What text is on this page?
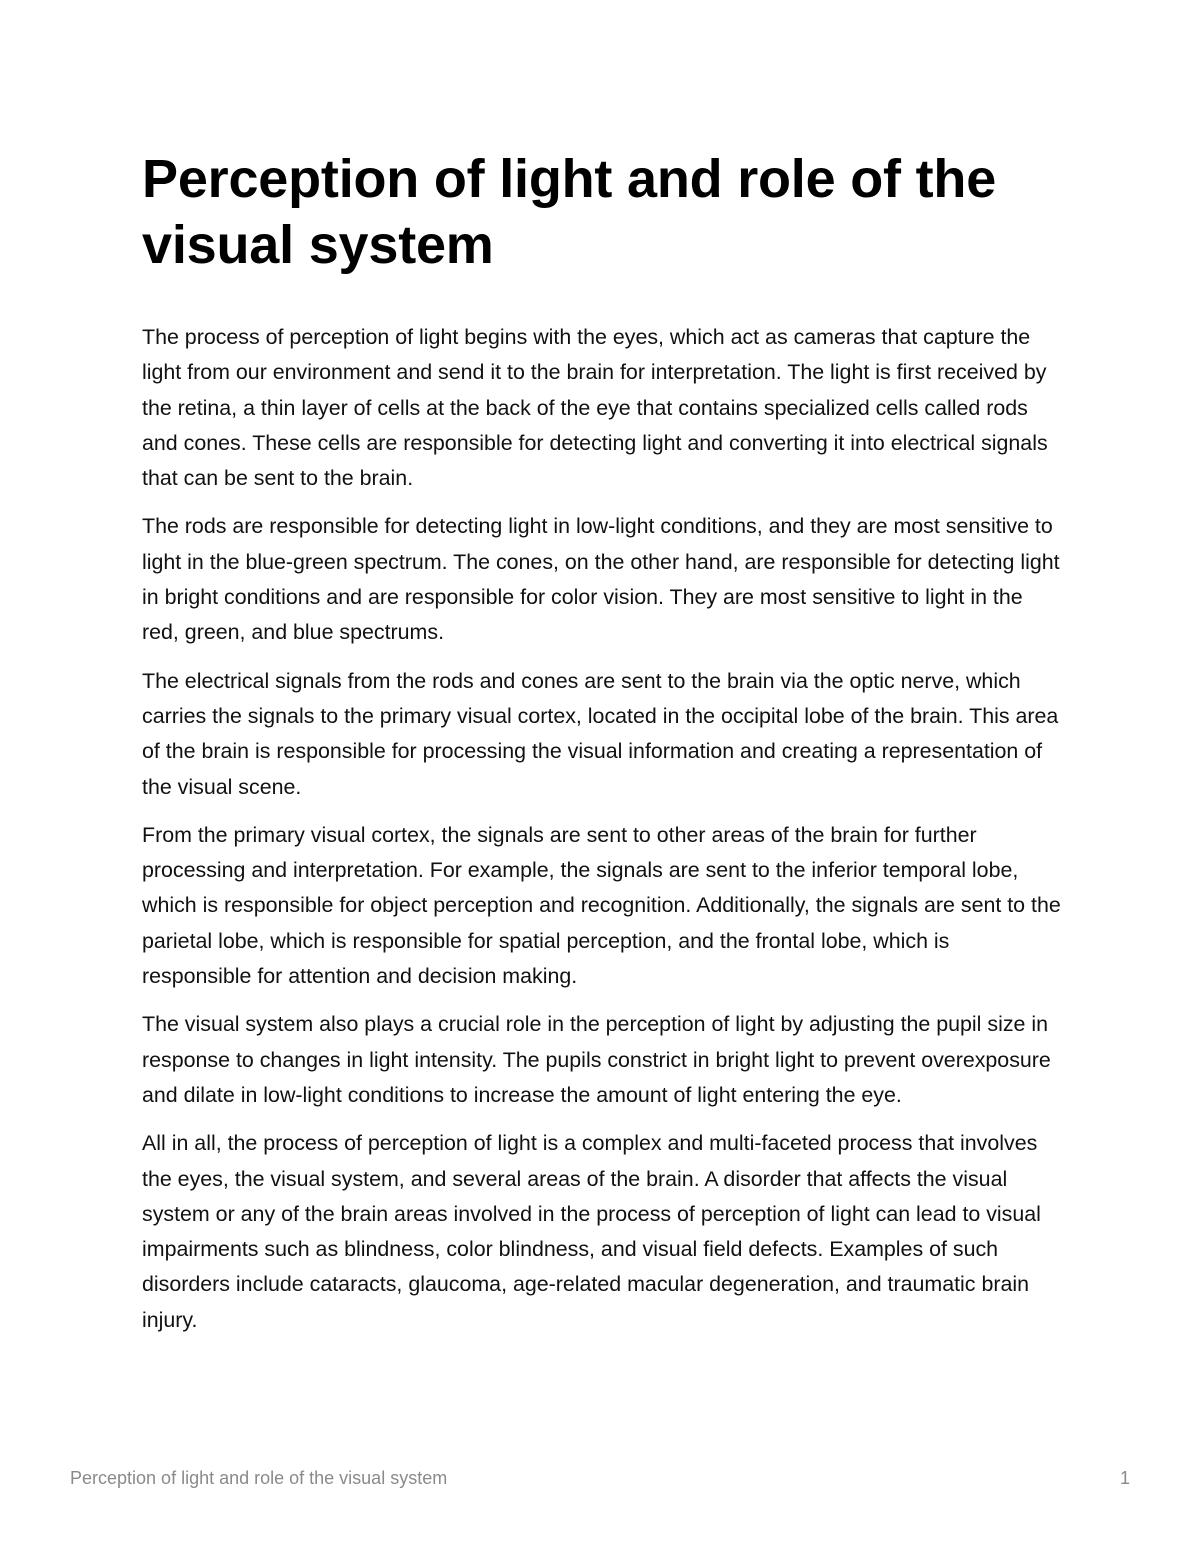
Perception of light and role of the visual system

The process of perception of light begins with the eyes, which act as cameras that capture the light from our environment and send it to the brain for interpretation. The light is first received by the retina, a thin layer of cells at the back of the eye that contains specialized cells called rods and cones. These cells are responsible for detecting light and converting it into electrical signals that can be sent to the brain.

The rods are responsible for detecting light in low-light conditions, and they are most sensitive to light in the blue-green spectrum. The cones, on the other hand, are responsible for detecting light in bright conditions and are responsible for color vision. They are most sensitive to light in the red, green, and blue spectrums.

The electrical signals from the rods and cones are sent to the brain via the optic nerve, which carries the signals to the primary visual cortex, located in the occipital lobe of the brain. This area of the brain is responsible for processing the visual information and creating a representation of the visual scene.

From the primary visual cortex, the signals are sent to other areas of the brain for further processing and interpretation. For example, the signals are sent to the inferior temporal lobe, which is responsible for object perception and recognition. Additionally, the signals are sent to the parietal lobe, which is responsible for spatial perception, and the frontal lobe, which is responsible for attention and decision making.

The visual system also plays a crucial role in the perception of light by adjusting the pupil size in response to changes in light intensity. The pupils constrict in bright light to prevent overexposure and dilate in low-light conditions to increase the amount of light entering the eye.

All in all, the process of perception of light is a complex and multi-faceted process that involves the eyes, the visual system, and several areas of the brain. A disorder that affects the visual system or any of the brain areas involved in the process of perception of light can lead to visual impairments such as blindness, color blindness, and visual field defects. Examples of such disorders include cataracts, glaucoma, age-related macular degeneration, and traumatic brain injury.

Perception of light and role of the visual system	1
